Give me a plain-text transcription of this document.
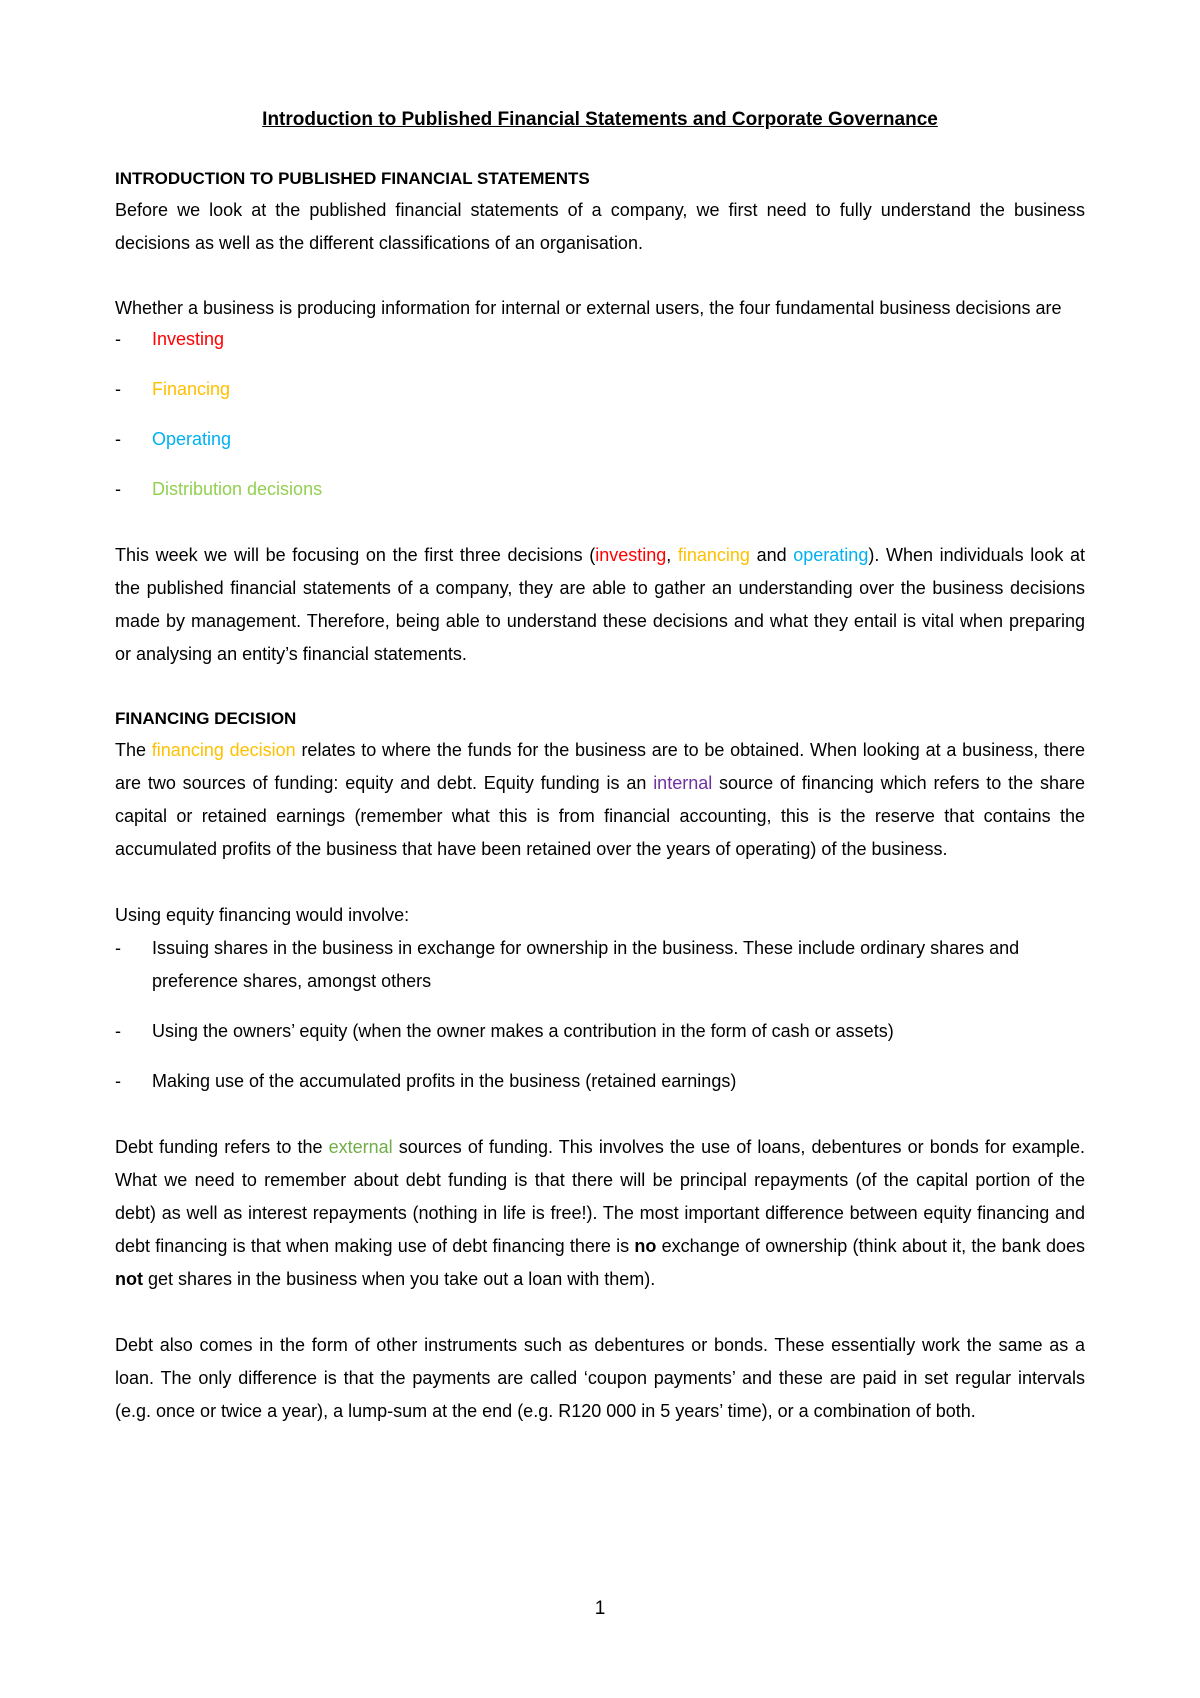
Introduction to Published Financial Statements and Corporate Governance
INTRODUCTION TO PUBLISHED FINANCIAL STATEMENTS

Before we look at the published financial statements of a company, we first need to fully understand the business decisions as well as the different classifications of an organisation.

Whether a business is producing information for internal or external users, the four fundamental business decisions are

-	Investing
-	Financing
-	Operating
-	Distribution decisions

This week we will be focusing on the first three decisions (investing, financing and operating). When individuals look at the published financial statements of a company, they are able to gather an understanding over the business decisions made by management. Therefore, being able to understand these decisions and what they entail is vital when preparing or analysing an entity’s financial statements.

FINANCING DECISION

The financing decision relates to where the funds for the business are to be obtained. When looking at a business, there are two sources of funding: equity and debt. Equity funding is an internal source of financing which refers to the share capital or retained earnings (remember what this is from financial accounting, this is the reserve that contains the accumulated profits of the business that have been retained over the years of operating) of the business.

Using equity financing would involve:

-	Issuing shares in the business in exchange for ownership in the business. These include ordinary shares and preference shares, amongst others
-	Using the owners’ equity (when the owner makes a contribution in the form of cash or assets)
-	Making use of the accumulated profits in the business (retained earnings)

Debt funding refers to the external sources of funding. This involves the use of loans, debentures or bonds for example. What we need to remember about debt funding is that there will be principal repayments (of the capital portion of the debt) as well as interest repayments (nothing in life is free!). The most important difference between equity financing and debt financing is that when making use of debt financing there is no exchange of ownership (think about it, the bank does not get shares in the business when you take out a loan with them).

Debt also comes in the form of other instruments such as debentures or bonds. These essentially work the same as a loan. The only difference is that the payments are called ‘coupon payments’ and these are paid in set regular intervals (e.g. once or twice a year), a lump-sum at the end (e.g. R120 000 in 5 years’ time), or a combination of both.

1
